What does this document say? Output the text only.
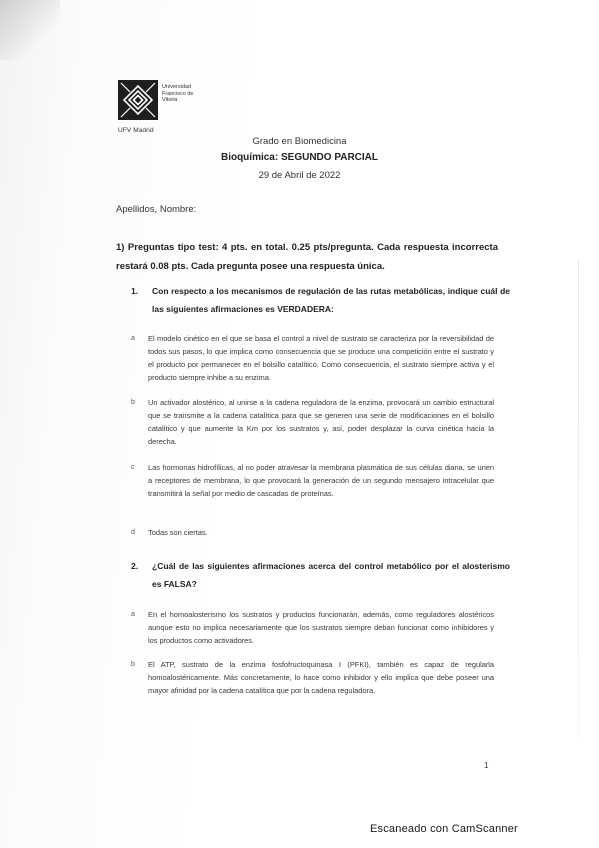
Universidad
Francisco de
Vitoria
UFV Madrid
Grado en Biomedicina
Bioquímica: SEGUNDO PARCIAL
29 de Abril de 2022
Apellidos, Nombre:
1) Preguntas tipo test: 4 pts. en total. 0.25 pts/pregunta. Cada respuesta incorrecta restará 0.08 pts. Cada pregunta posee una respuesta única.
1. Con respecto a los mecanismos de regulación de las rutas metabólicas, indique cuál de las siguientes afirmaciones es VERDADERA:
a El modelo cinético en el que se basa el control a nivel de sustrato se caracteriza por la reversibilidad de todos sus pasos, lo que implica como consecuencia que se produce una competición entre el sustrato y el producto por permanecer en el bolsillo catalítico. Como consecuencia, el sustrato siempre activa y el producto siempre inhibe a su enzima.
b Un activador alostérico, al unirse a la cadena reguladora de la enzima, provocará un cambio estructural que se transmite a la cadena catalítica para que se generen una serie de modificaciones en el bolsillo catalítico y que aumente la Km por los sustratos y, así, poder desplazar la curva cinética hacia la derecha.
c Las hormonas hidrofílicas, al no poder atravesar la membrana plasmática de sus células diana, se unen a receptores de membrana, lo que provocará la generación de un segundo mensajero intracelular que transmitirá la señal por medio de cascadas de proteínas.
d Todas son ciertas.
2. ¿Cuál de las siguientes afirmaciones acerca del control metabólico por el alosterismo es FALSA?
a En el homoalosterismo los sustratos y productos funcionarán, además, como reguladores alostéricos aunque esto no implica necesariamente que los sustratos siempre deban funcionar como inhibidores y los productos como activadores.
b El ATP, sustrato de la enzima fosfofructoquinasa I (PFKI), también es capaz de regularla homoalostéricamente. Más concretamente, lo hace como inhibidor y ello implica que debe poseer una mayor afinidad por la cadena catalítica que por la cadena reguladora.
1
Escaneado con CamScanner
